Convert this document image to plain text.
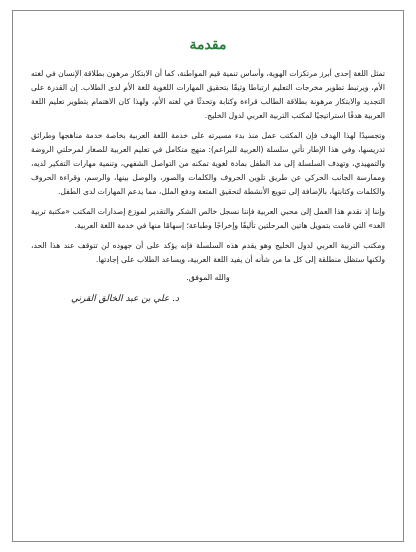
مقدمة

تمثل اللغة إحدى أبرز مرتكزات الهوية، وأساس تنمية قيم المواطنة، كما أن الابتكار مرهون بطلاقة الإنسان في لغته الأم، ويرتبط تطوير مخرجات التعليم ارتباطا وثيقًا بتحقيق المهارات اللغوية للغة الأم لدى الطلاب. إن القدرة على التجديد والابتكار مرهونة بطلاقة الطالب قراءة وكتابة وتحدثًا في لغته الأم، ولهذا كان الاهتمام بتطوير تعليم اللغة العربية هدفًا استراتيجيًا لمكتب التربية العربي لدول الخليج.

وتجسيدًا لهذا الهدف فإن المكتب عمل منذ بدء مسيرته على خدمة اللغة العربية بخاصة خدمة مناهجها وطرائق تدريسها، وفي هذا الإطار تأتي سلسلة (العربية للبراعم): منهج متكامل في تعليم العربية للصغار لمرحلتي الروضة والتمهيدي، وتهدف السلسلة إلى مد الطفل بمادة لغوية تمكنه من التواصل الشفهي، وتنمية مهارات التفكير لديه، وممارسة الجانب الحركي عن طريق تلوين الحروف والكلمات والصور، والوصل بينها، والرسم، وقراءة الحروف والكلمات وكتابتها، بالإضافة إلى تنويع الأنشطة لتحقيق المتعة ودفع الملل، مما يدعم المهارات لدى الطفل.

وإننا إذ نقدم هذا العمل إلى محبي العربية فإننا نسجل خالص الشكر والتقدير لموزع إصدارات المكتب «مكتبة تربية الغد» التي قامت بتمويل هاتين المرحلتين تأليفًا وإخراجًا وطباعة؛ إسهامًا منها في خدمة اللغة العربية.

ومكتب التربية العربي لدول الخليج وهو يقدم هذه السلسلة فإنه يؤكد على أن جهوده لن تتوقف عند هذا الحد، ولكنها ستظل منطلقة إلى كل ما من شأنه أن يفيد اللغة العربية، ويساعد الطلاب على إجادتها.

والله الموفق.
د. علي بن عبد الخالق القرني
